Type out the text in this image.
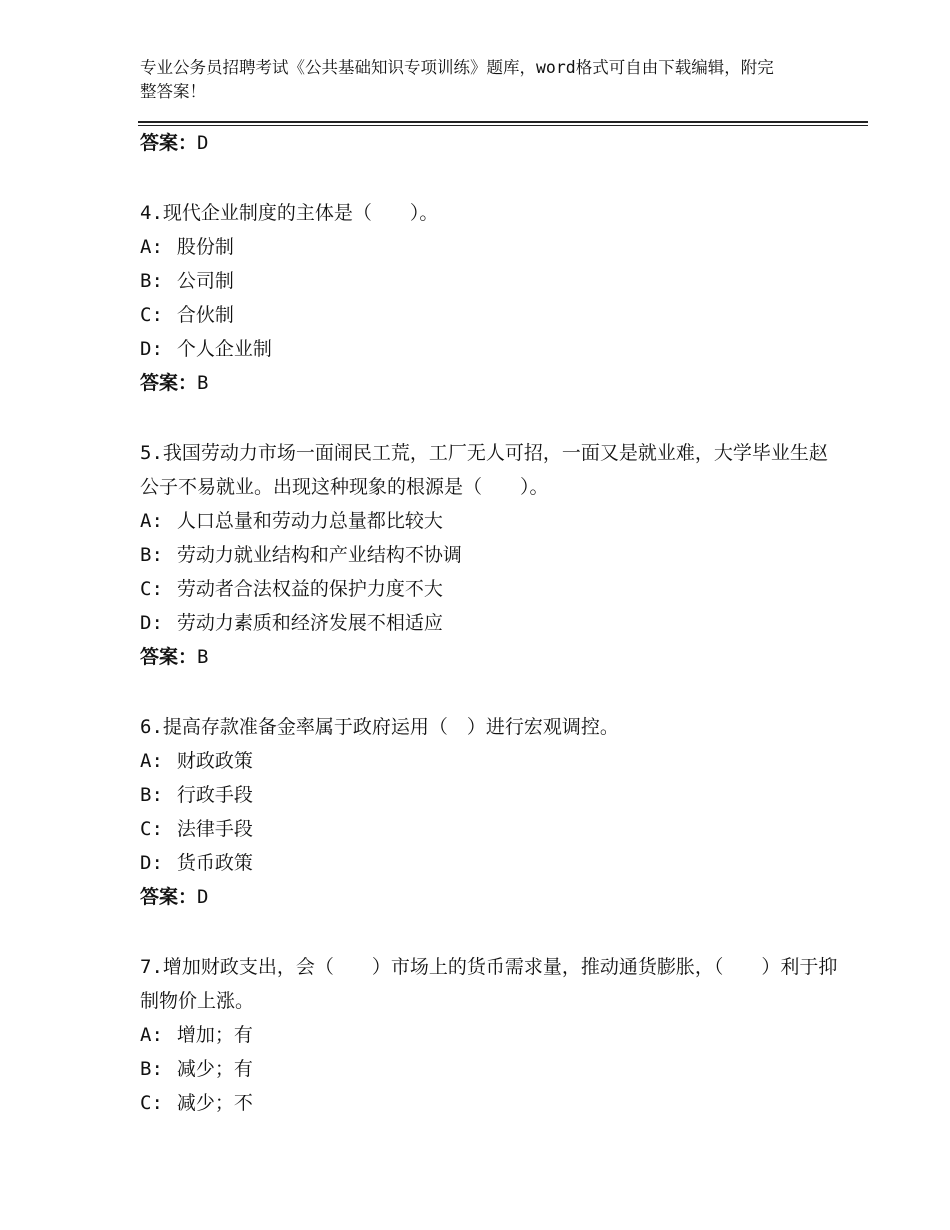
专业公务员招聘考试《公共基础知识专项训练》题库，word格式可自由下载编辑，附完整答案！
答案：D
4.现代企业制度的主体是（　　）。
A: 股份制
B: 公司制
C: 合伙制
D: 个人企业制
答案：B
5.我国劳动力市场一面闹民工荒，工厂无人可招，一面又是就业难，大学毕业生赵公子不易就业。出现这种现象的根源是（　　）。
A: 人口总量和劳动力总量都比较大
B: 劳动力就业结构和产业结构不协调
C: 劳动者合法权益的保护力度不大
D: 劳动力素质和经济发展不相适应
答案：B
6.提高存款准备金率属于政府运用（　）进行宏观调控。
A: 财政政策
B: 行政手段
C: 法律手段
D: 货币政策
答案：D
7.增加财政支出，会（　　）市场上的货币需求量，推动通货膨胀，（　　）利于抑制物价上涨。
A: 增加；有
B: 减少；有
C: 减少；不
